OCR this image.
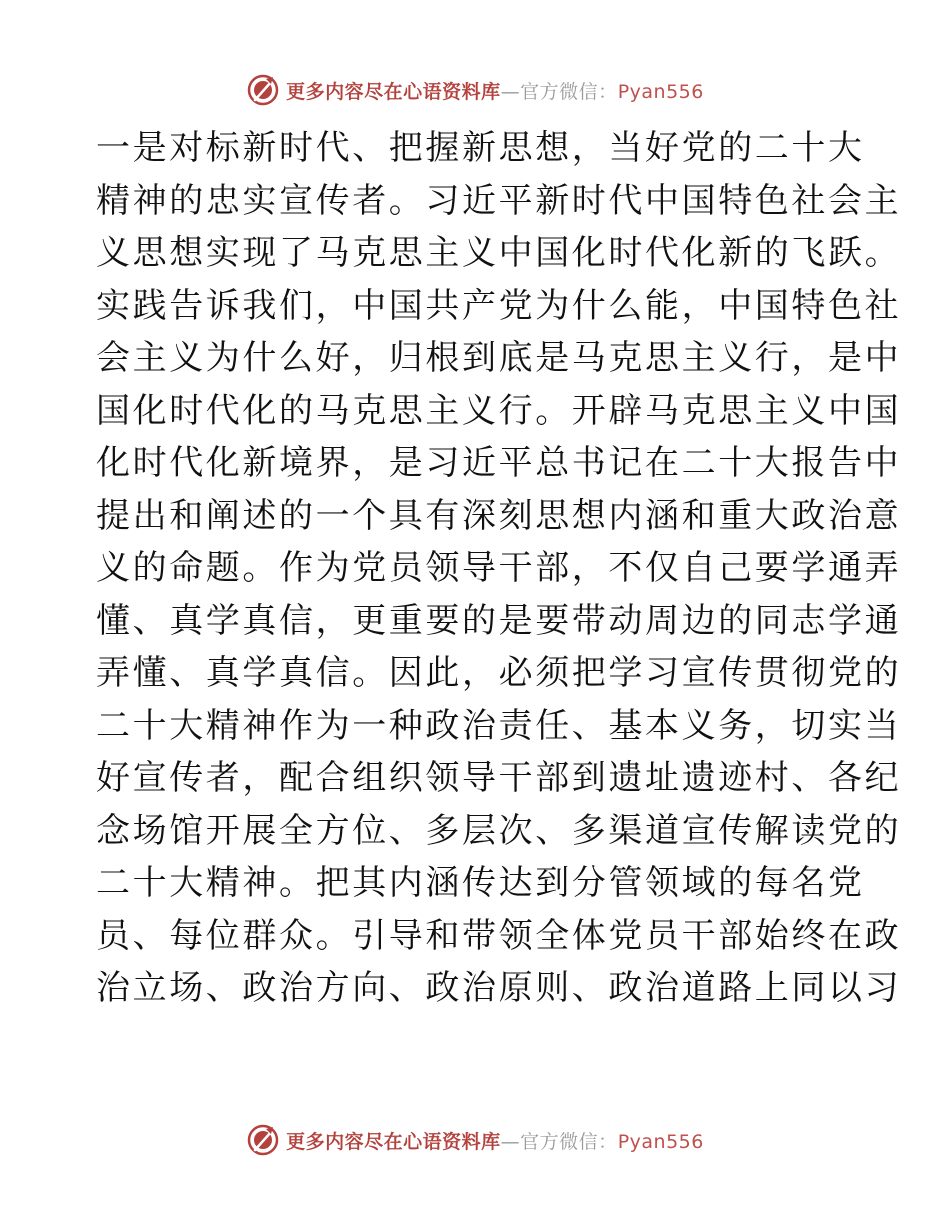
更多内容尽在心语资料库—官方微信：Pyan556
一是对标新时代、把握新思想，当好党的二十大
精神的忠实宣传者。习近平新时代中国特色社会主
义思想实现了马克思主义中国化时代化新的飞跃。
实践告诉我们，中国共产党为什么能，中国特色社
会主义为什么好，归根到底是马克思主义行，是中
国化时代化的马克思主义行。开辟马克思主义中国
化时代化新境界，是习近平总书记在二十大报告中
提出和阐述的一个具有深刻思想内涵和重大政治意
义的命题。作为党员领导干部，不仅自己要学通弄
懂、真学真信，更重要的是要带动周边的同志学通
弄懂、真学真信。因此，必须把学习宣传贯彻党的
二十大精神作为一种政治责任、基本义务，切实当
好宣传者，配合组织领导干部到遗址遗迹村、各纪
念场馆开展全方位、多层次、多渠道宣传解读党的
二十大精神。把其内涵传达到分管领域的每名党
员、每位群众。引导和带领全体党员干部始终在政
治立场、政治方向、政治原则、政治道路上同以习
更多内容尽在心语资料库—官方微信：Pyan556
